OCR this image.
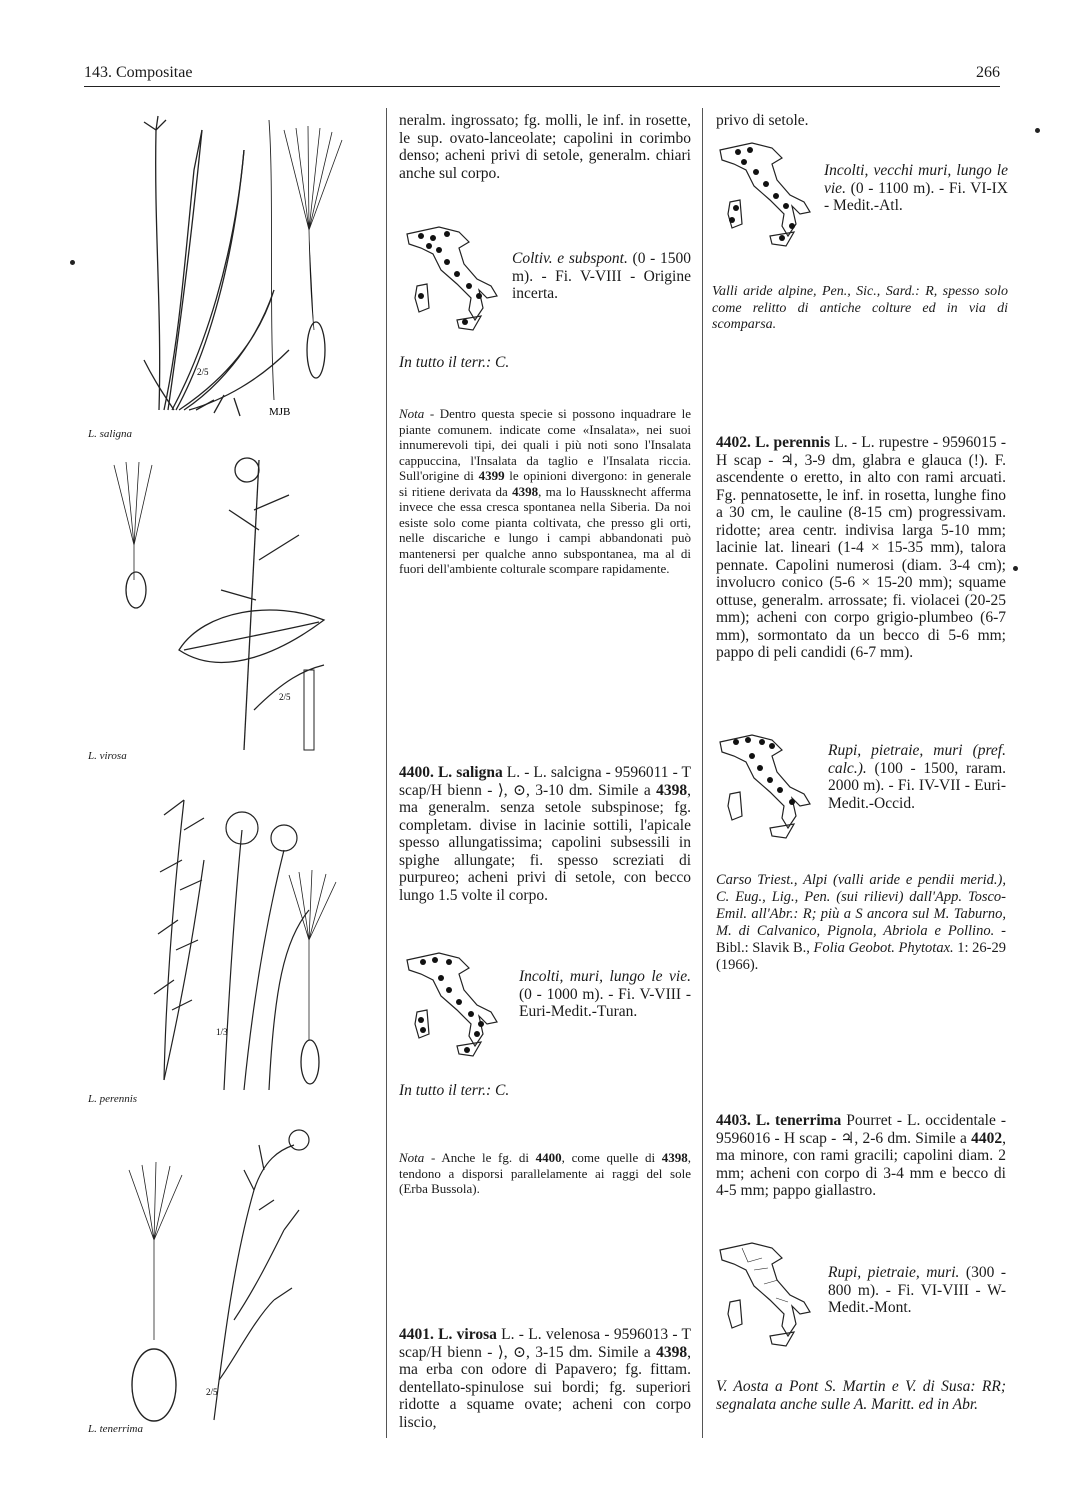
143. Compositae	266
2/5
MJB
L. saligna
2/5
L. virosa
1/3
L. perennis
2/5
L. tenerrima

neralm. ingrossato; fg. molli, le inf. in rosette, le sup. ovato-lanceolate; capolini in corimbo denso; acheni privi di setole, generalm. chiari anche sul corpo.

Coltiv. e subspont. (0 - 1500 m). - Fi. V-VIII - Origine incerta.

In tutto il terr.: C.

Nota - Dentro questa specie si possono inquadrare le piante comunem. indicate come «Insalata», nei suoi innumerevoli tipi, dei quali i più noti sono l'Insalata cappuccina, l'Insalata da taglio e l'Insalata riccia. Sull'origine di 4399 le opinioni divergono: in generale si ritiene derivata da 4398, ma lo Haussknecht afferma invece che essa cresca spontanea nella Siberia. Da noi esiste solo come pianta coltivata, che presso gli orti, nelle discariche e lungo i campi abbandonati può mantenersi per qualche anno subspontanea, ma al di fuori dell'ambiente colturale scompare rapidamente.

4400. L. saligna L. - L. salcigna - 9596011 - T scap/H bienn - ⟩, ⊙, 3-10 dm. Simile a 4398, ma generalm. senza setole subspinose; fg. completam. divise in lacinie sottili, l'apicale spesso allungatissima; capolini subsessili in spighe allungate; fi. spesso screziati di purpureo; acheni privi di setole, con becco lungo 1.5 volte il corpo.

Incolti, muri, lungo le vie. (0 - 1000 m). - Fi. V-VIII - Euri-Medit.-Turan.

In tutto il terr.: C.

Nota - Anche le fg. di 4400, come quelle di 4398, tendono a disporsi parallelamente ai raggi del sole (Erba Bussola).

4401. L. virosa L. - L. velenosa - 9596013 - T scap/H bienn - ⟩, ⊙, 3-15 dm. Simile a 4398, ma erba con odore di Papavero; fg. fittam. dentellato-spinulose sui bordi; fg. superiori ridotte a squame ovate; acheni con corpo liscio,

privo di setole.

Incolti, vecchi muri, lungo le vie. (0 - 1100 m). - Fi. VI-IX - Medit.-Atl.

Valli aride alpine, Pen., Sic., Sard.: R, spesso solo come relitto di antiche colture ed in via di scomparsa.

4402. L. perennis L. - L. rupestre - 9596015 - H scap - ♃, 3-9 dm, glabra e glauca (!). F. ascendente o eretto, in alto con rami arcuati. Fg. pennatosette, le inf. in rosetta, lunghe fino a 30 cm, le cauline (8-15 cm) progressivam. ridotte; area centr. indivisa larga 5-10 mm; lacinie lat. lineari (1-4 × 15-35 mm), talora pennate. Capolini numerosi (diam. 3-4 cm); involucro conico (5-6 × 15-20 mm); squame ottuse, generalm. arrossate; fi. violacei (20-25 mm); acheni con corpo grigio-plumbeo (6-7 mm), sormontato da un becco di 5-6 mm; pappo di peli candidi (6-7 mm).

Rupi, pietraie, muri (pref. calc.). (100 - 1500, raram. 2000 m). - Fi. IV-VII - Euri-Medit.-Occid.

Carso Triest., Alpi (valli aride e pendii merid.), C. Eug., Lig., Pen. (sui rilievi) dall'App. Tosco-Emil. all'Abr.: R; più a S ancora sul M. Taburno, M. di Calvanico, Pignola, Abriola e Pollino. - Bibl.: Slavik B., Folia Geobot. Phytotax. 1: 26-29 (1966).

4403. L. tenerrima Pourret - L. occidentale - 9596016 - H scap - ♃, 2-6 dm. Simile a 4402, ma minore, con rami gracili; capolini diam. 2 mm; acheni con corpo di 3-4 mm e becco di 4-5 mm; pappo giallastro.

Rupi, pietraie, muri. (300 - 800 m). - Fi. VI-VIII - W-Medit.-Mont.

V. Aosta a Pont S. Martin e V. di Susa: RR; segnalata anche sulle A. Maritt. ed in Abr.
